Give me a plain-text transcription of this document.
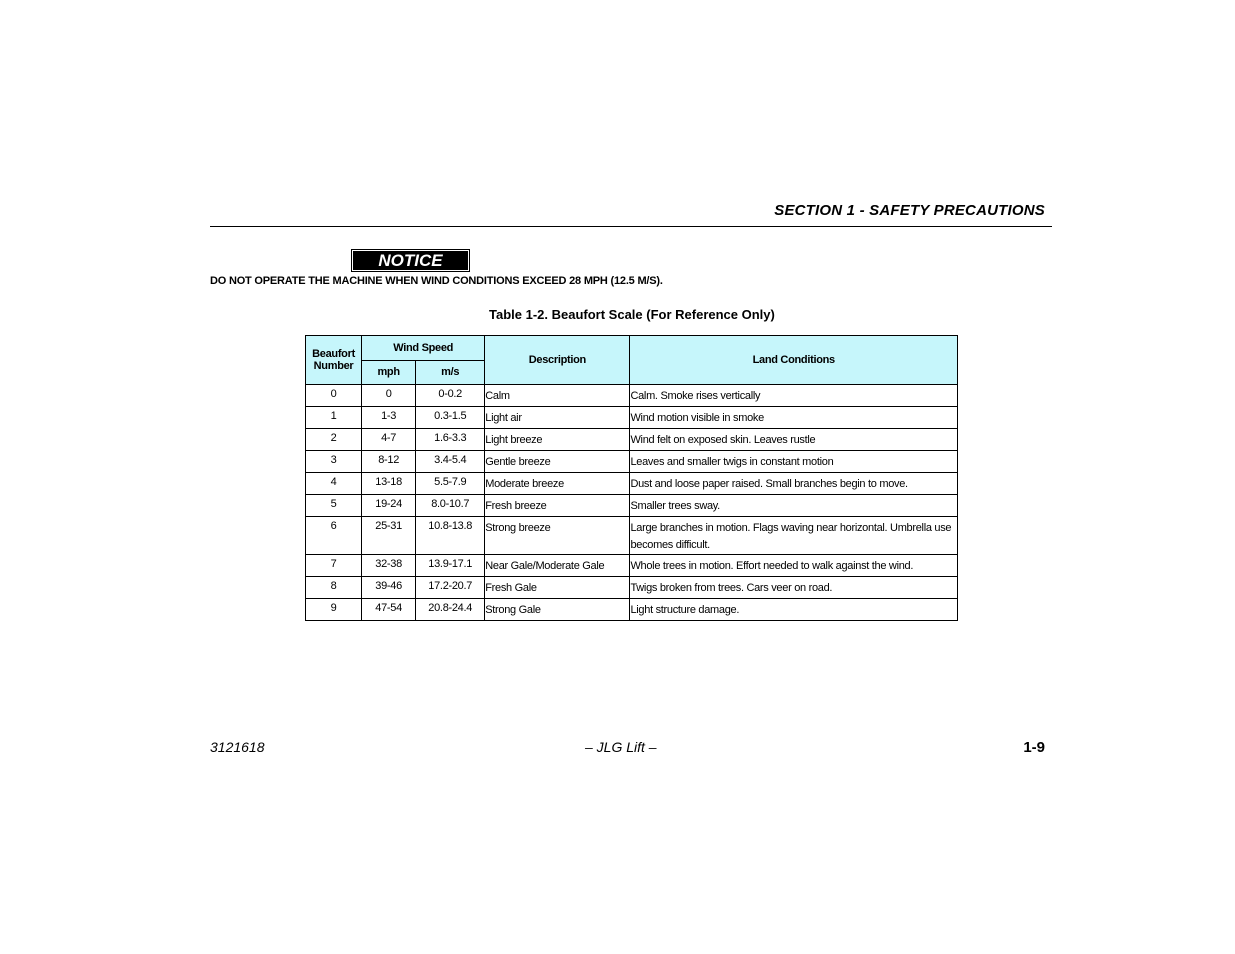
SECTION 1 - SAFETY PRECAUTIONS
NOTICE
DO NOT OPERATE THE MACHINE WHEN WIND CONDITIONS EXCEED 28 MPH (12.5 M/S).
Table 1-2. Beaufort Scale (For Reference Only)
Beaufort Number	Wind Speed		Description	Land Conditions
	mph	m/s		
0	0	0-0.2	Calm	Calm. Smoke rises vertically
1	1-3	0.3-1.5	Light air	Wind motion visible in smoke
2	4-7	1.6-3.3	Light breeze	Wind felt on exposed skin. Leaves rustle
3	8-12	3.4-5.4	Gentle breeze	Leaves and smaller twigs in constant motion
4	13-18	5.5-7.9	Moderate breeze	Dust and loose paper raised. Small branches begin to move.
5	19-24	8.0-10.7	Fresh breeze	Smaller trees sway.
6	25-31	10.8-13.8	Strong breeze	Large branches in motion. Flags waving near horizontal. Umbrella use becomes difficult.
7	32-38	13.9-17.1	Near Gale/Moderate Gale	Whole trees in motion. Effort needed to walk against the wind.
8	39-46	17.2-20.7	Fresh Gale	Twigs broken from trees. Cars veer on road.
9	47-54	20.8-24.4	Strong Gale	Light structure damage.
3121618	– JLG Lift –	1-9
